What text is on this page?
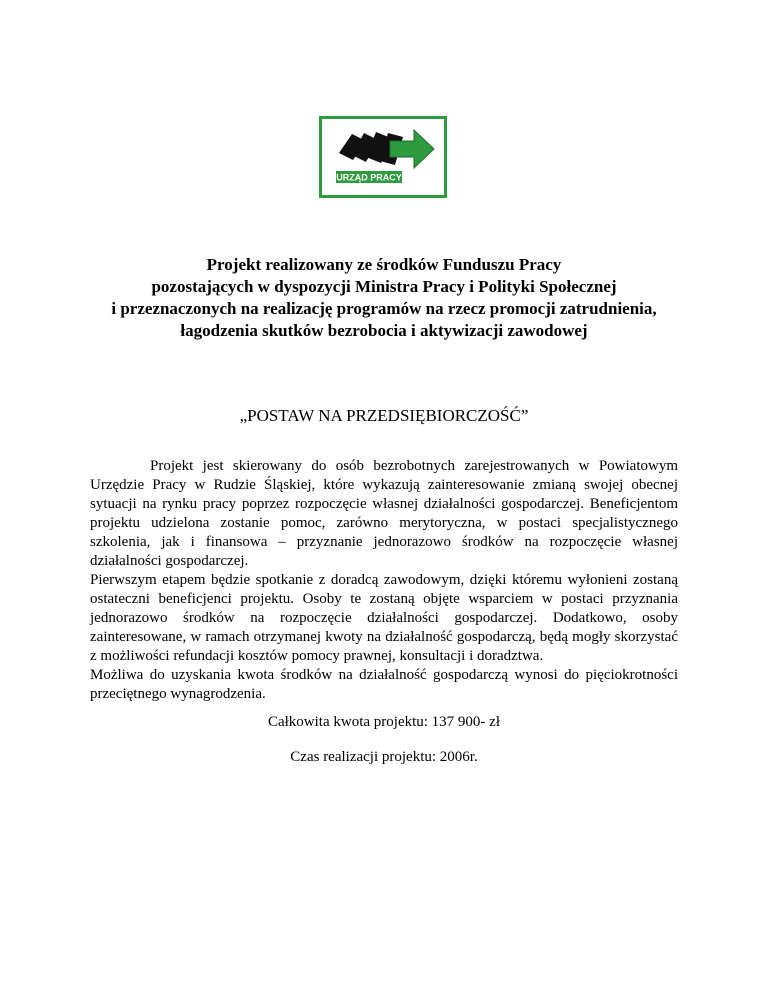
URZĄD PRACY
Projekt realizowany ze środków Funduszu Pracy
pozostających w dyspozycji Ministra Pracy i Polityki Społecznej
i przeznaczonych na realizację programów na rzecz promocji zatrudnienia,
łagodzenia skutków bezrobocia i aktywizacji zawodowej
„POSTAW NA PRZEDSIĘBIORCZOŚĆ”

Projekt jest skierowany do osób bezrobotnych zarejestrowanych w Powiatowym Urzędzie Pracy w Rudzie Śląskiej, które wykazują zainteresowanie zmianą swojej obecnej sytuacji na rynku pracy poprzez rozpoczęcie własnej działalności gospodarczej. Beneficjentom projektu udzielona zostanie pomoc, zarówno merytoryczna, w postaci specjalistycznego szkolenia, jak i finansowa – przyznanie jednorazowo środków na rozpoczęcie własnej działalności gospodarczej.

Pierwszym etapem będzie spotkanie z doradcą zawodowym, dzięki któremu wyłonieni zostaną ostateczni beneficjenci projektu. Osoby te zostaną objęte wsparciem w postaci przyznania jednorazowo środków na rozpoczęcie działalności gospodarczej. Dodatkowo, osoby zainteresowane, w ramach otrzymanej kwoty na działalność gospodarczą, będą mogły skorzystać z możliwości refundacji kosztów pomocy prawnej, konsultacji i doradztwa.

Możliwa do uzyskania kwota środków na działalność gospodarczą wynosi do pięciokrotności przeciętnego wynagrodzenia.

Całkowita kwota projektu: 137 900- zł
Czas realizacji projektu: 2006r.
